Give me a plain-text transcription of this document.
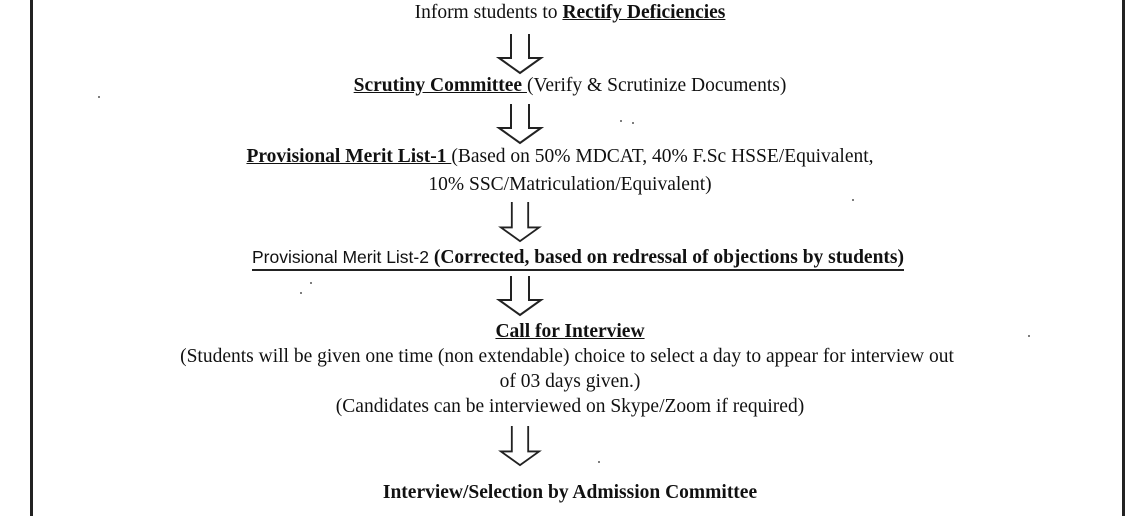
Inform students to Rectify Deficiencies
Scrutiny Committee (Verify & Scrutinize Documents)
Provisional Merit List-1 (Based on 50% MDCAT, 40% F.Sc HSSE/Equivalent,
10% SSC/Matriculation/Equivalent)
Provisional Merit List-2 (Corrected, based on redressal of objections by students)
Call for Interview
(Students will be given one time (non extendable) choice to select a day to appear for interview out
of 03 days given.)
(Candidates can be interviewed on Skype/Zoom if required)
Interview/Selection by Admission Committee
